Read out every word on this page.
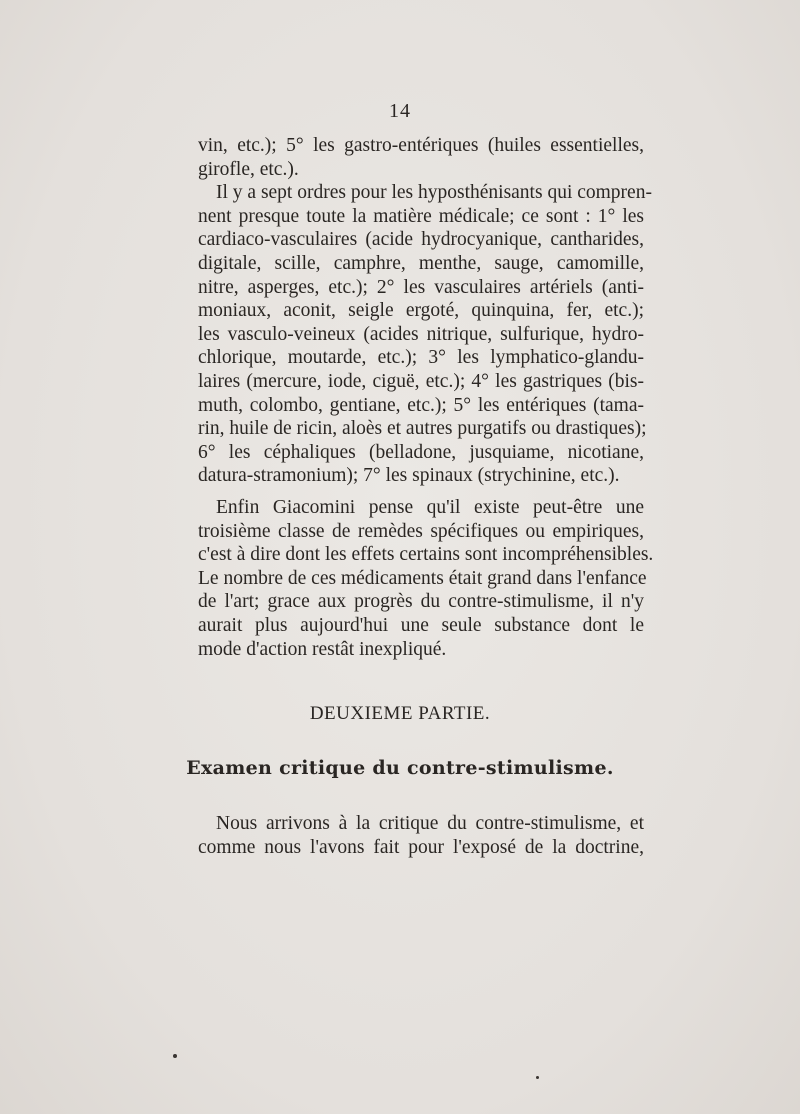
14
vin, etc.); 5° les gastro-entériques (huiles essentielles,
girofle, etc.).
Il y a sept ordres pour les hyposthénisants qui compren-
nent presque toute la matière médicale; ce sont : 1° les
cardiaco-vasculaires (acide hydrocyanique, cantharides,
digitale, scille, camphre, menthe, sauge, camomille,
nitre, asperges, etc.); 2° les vasculaires artériels (anti-
moniaux, aconit, seigle ergoté, quinquina, fer, etc.);
les vasculo-veineux (acides nitrique, sulfurique, hydro-
chlorique, moutarde, etc.); 3° les lymphatico-glandu-
laires (mercure, iode, ciguë, etc.); 4° les gastriques (bis-
muth, colombo, gentiane, etc.); 5° les entériques (tama-
rin, huile de ricin, aloès et autres purgatifs ou drastiques);
6° les céphaliques (belladone, jusquiame, nicotiane,
datura-stramonium); 7° les spinaux (strychinine, etc.).
Enfin Giacomini pense qu'il existe peut-être une
troisième classe de remèdes spécifiques ou empiriques,
c'est à dire dont les effets certains sont incompréhensibles.
Le nombre de ces médicaments était grand dans l'enfance
de l'art; grace aux progrès du contre-stimulisme, il n'y
aurait plus aujourd'hui une seule substance dont le
mode d'action restât inexpliqué.
DEUXIEME PARTIE.
Examen critique du contre-stimulisme.
Nous arrivons à la critique du contre-stimulisme, et
comme nous l'avons fait pour l'exposé de la doctrine,
